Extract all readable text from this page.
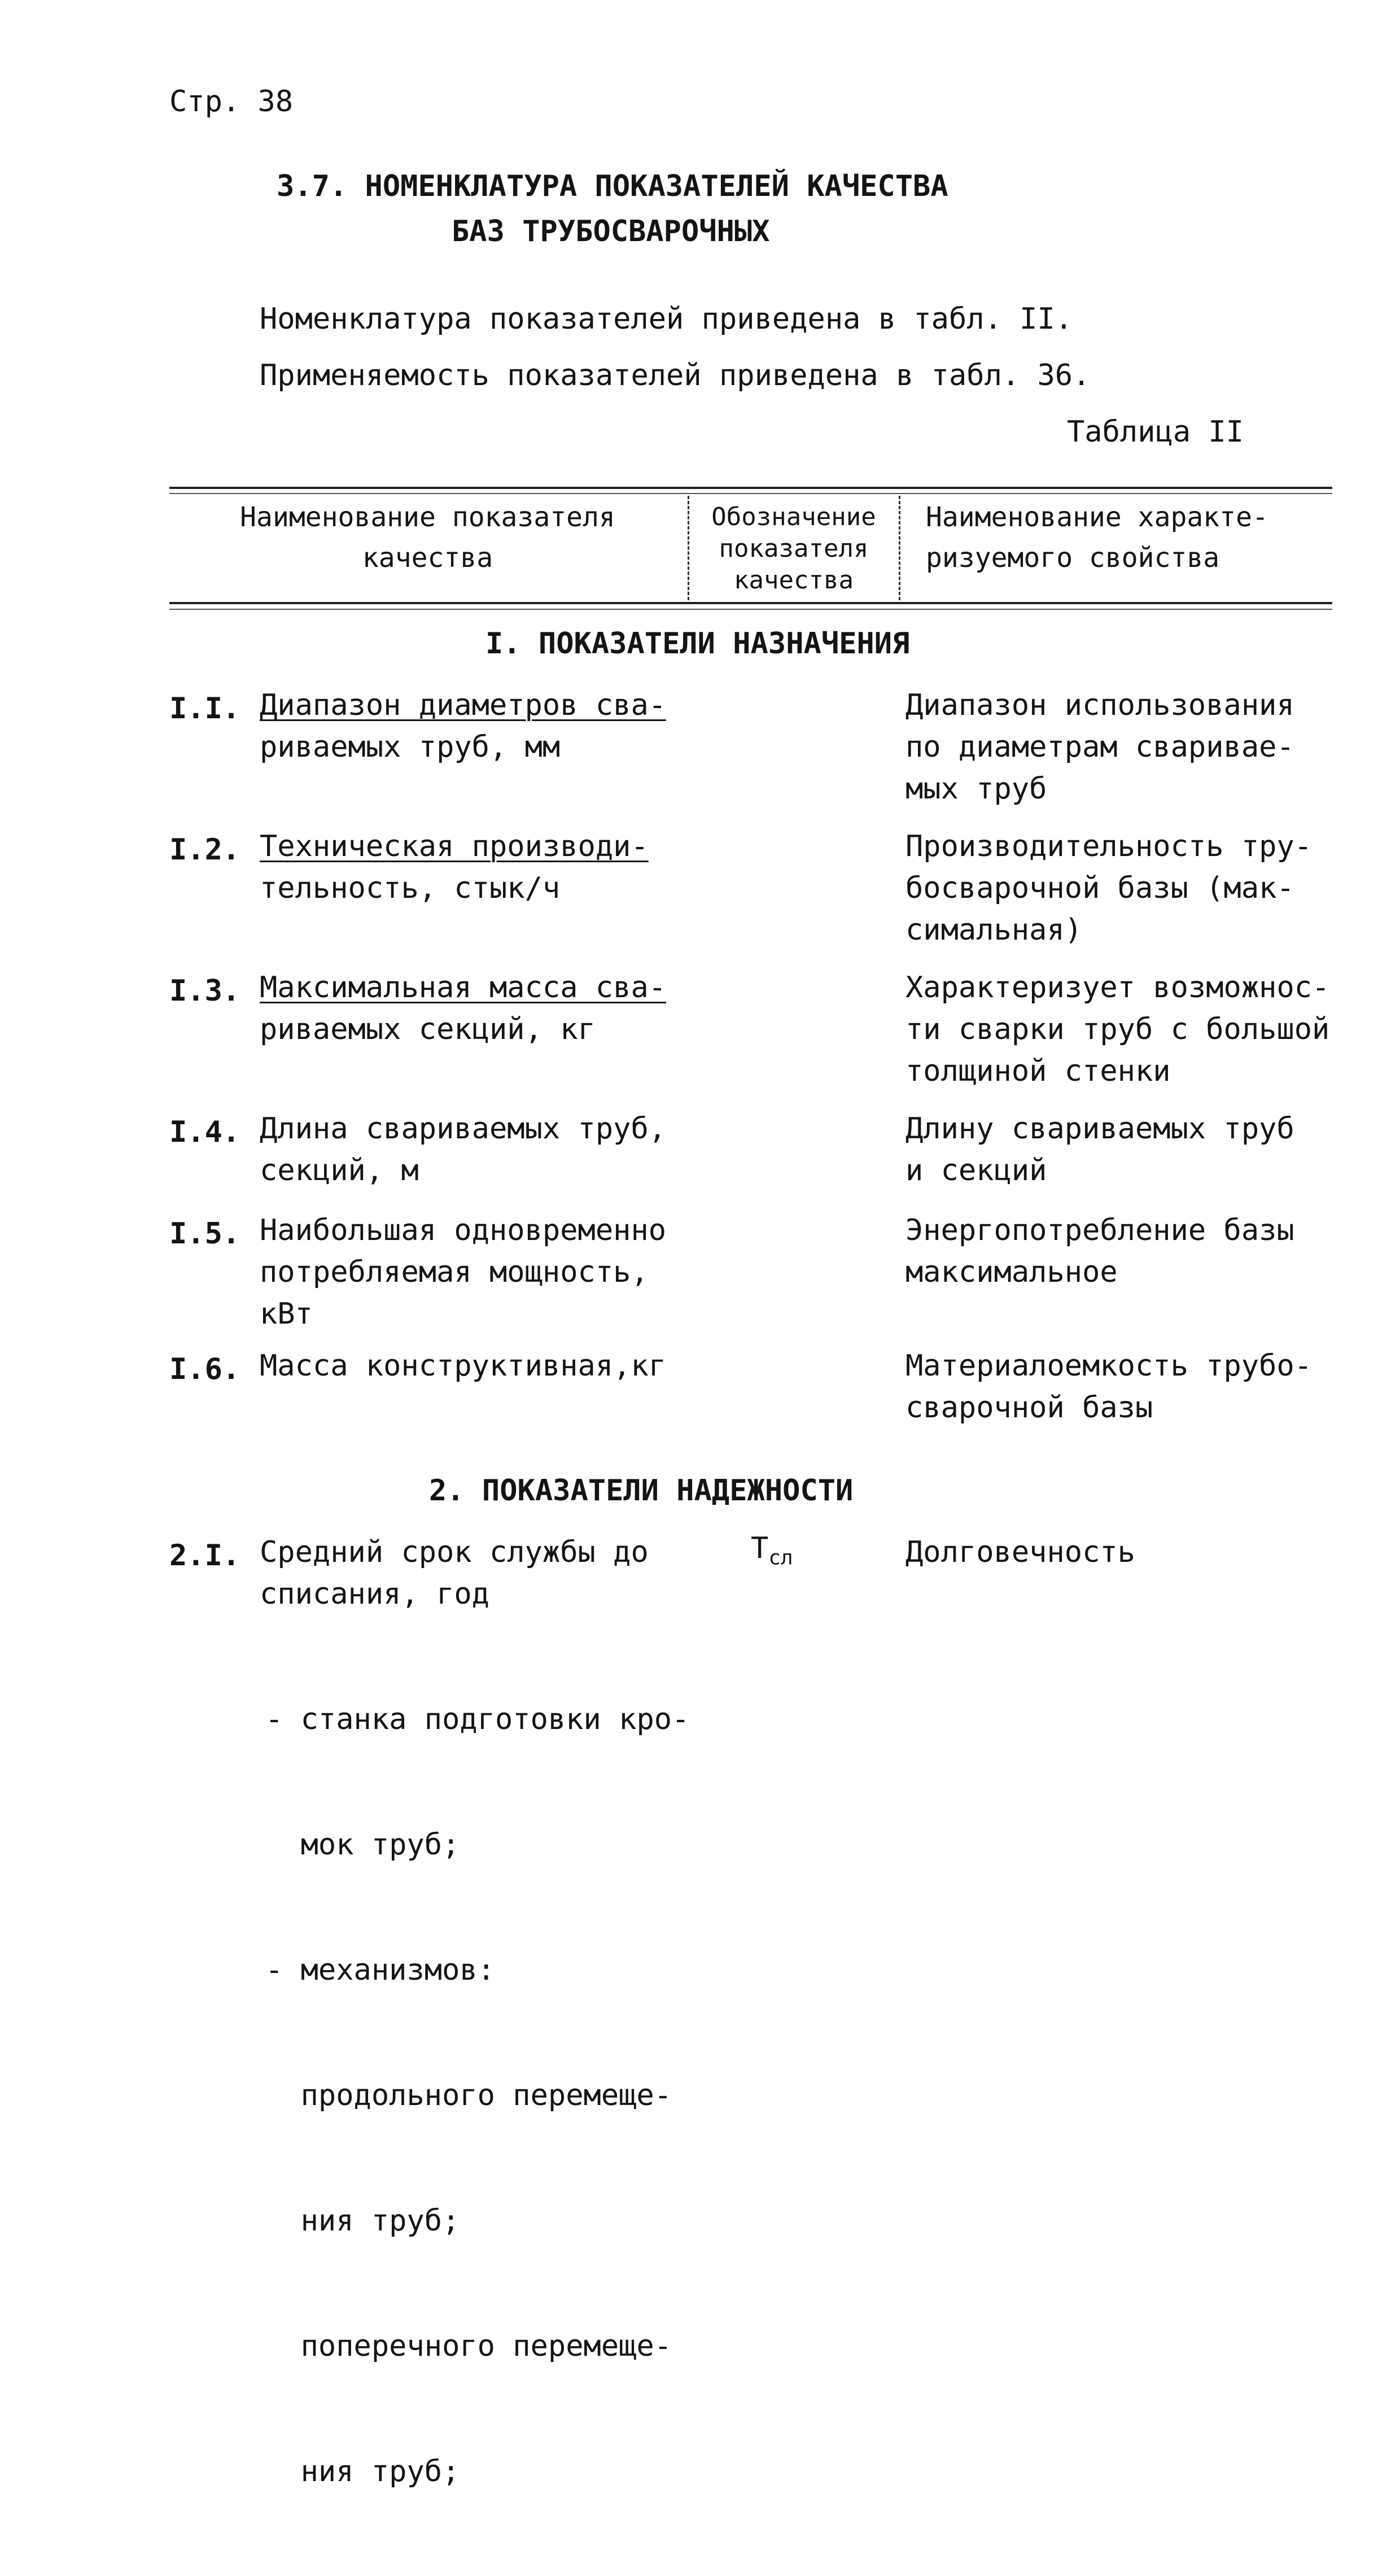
Стр. 38
3.7. НОМЕНКЛАТУРА ПОКАЗАТЕЛЕЙ КАЧЕСТВА
БАЗ ТРУБОСВАРОЧНЫХ
Номенклатура показателей приведена в табл. II.
Применяемость показателей приведена в табл. 36.
Таблица II
Наименование показателя
качества
Обозначение
показателя
качества
Наименование характе-
ризуемого свойства
I. ПОКАЗАТЕЛИ НАЗНАЧЕНИЯ
I.I. Диапазон диаметров сва-
риваемых труб, мм
Диапазон использования
по диаметрам сваривае-
мых труб
I.2. Техническая производи-
тельность, стык/ч
Производительность тру-
босварочной базы (мак-
симальная)
I.3. Максимальная масса сва-
риваемых секций, кг
Характеризует возможнос-
ти сварки труб с большой
толщиной стенки
I.4. Длина свариваемых труб,
секций, м
Длину свариваемых труб
и секций
I.5. Наибольшая одновременно
потребляемая мощность,
кВт
Энергопотребление базы
максимальное
I.6. Масса конструктивная,кг	Материалоемкость трубо-
сварочной базы
2. ПОКАЗАТЕЛИ НАДЕЖНОСТИ
2.I. Средний срок службы до
списания, год
$Т_{сл}$	Долговечность

- станка подготовки кро-

мок труб;

- механизмов:

продольного перемеще-

ния труб;

поперечного перемеще-

ния труб;
